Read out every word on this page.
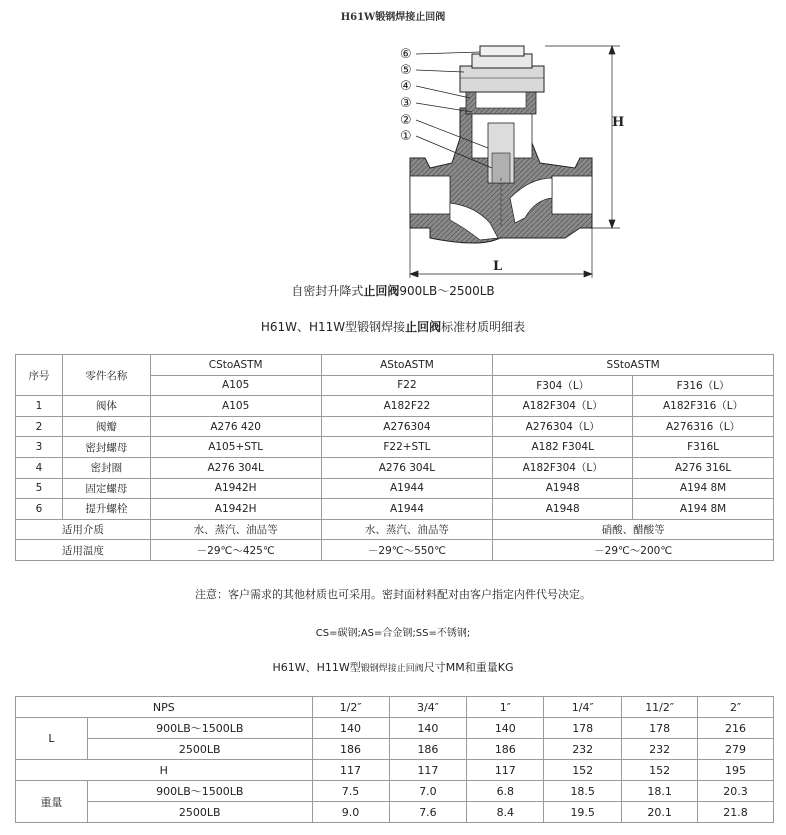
H61W锻钢焊接止回阀
⑥
⑤
④
③
②
①
H
L
自密封升降式止回阀900LB～2500LB
H61W、H11W型锻钢焊接止回阀标准材质明细表
序号	零件名称	CStoASTM	AStoASTM	SStoASTM	
		A105	F22	F304（L）	F316（L）
1	阀体	A105	A182F22	A182F304（L）	A182F316（L）
2	阀瓣	A276 420	A276304	A276304（L）	A276316（L）
3	密封螺母	A105+STL	F22+STL	A182 F304L	F316L
4	密封圈	A276 304L	A276 304L	A182F304（L）	A276 316L
5	固定螺母	A1942H	A1944	A1948	A194 8M
6	提升螺栓	A1942H	A1944	A1948	A194 8M
适用介质		水、蒸汽、油品等	水、蒸汽、油品等	硝酸、醋酸等	
适用温度		－29℃～425℃	－29℃～550℃	－29℃～200℃	
注意：客户需求的其他材质也可采用。密封面材料配对由客户指定内件代号决定。
CS=碳钢;AS=合金钢;SS=不锈钢;
H61W、H11W型锻钢焊接止回阀尺寸MM和重量KG
NPS		1/2″	3/4″	1″	1/4″	11/2″	2″
L	900LB～1500LB	140	140	140	178	178	216
	2500LB	186	186	186	232	232	279
H		117	117	117	152	152	195
重量	900LB～1500LB	7.5	7.0	6.8	18.5	18.1	20.3
	2500LB	9.0	7.6	8.4	19.5	20.1	21.8
